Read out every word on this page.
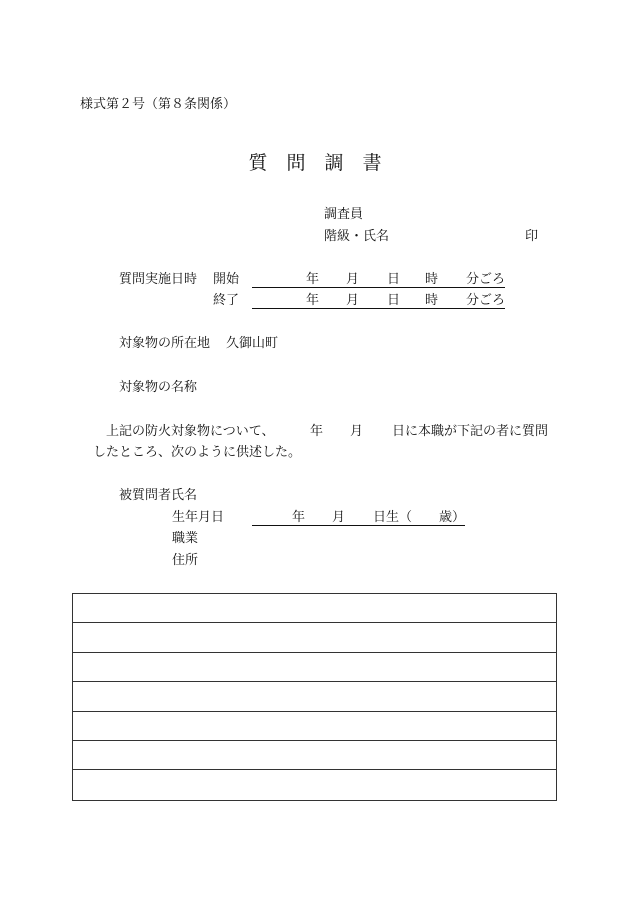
様式第２号（第８条関係）
質問調書
調査員
階級・氏名	印
質問実施日時 開始	年 月 日 時 分ごろ
終了	年 月 日 時 分ごろ
対象物の所在地 久御山町
対象物の名称
上記の防火対象物について、	年 月 日に本職が下記の者に質問
したところ、次のように供述した。
被質問者氏名
生年月日	年 月 日生（ 歳）
職業
住所
